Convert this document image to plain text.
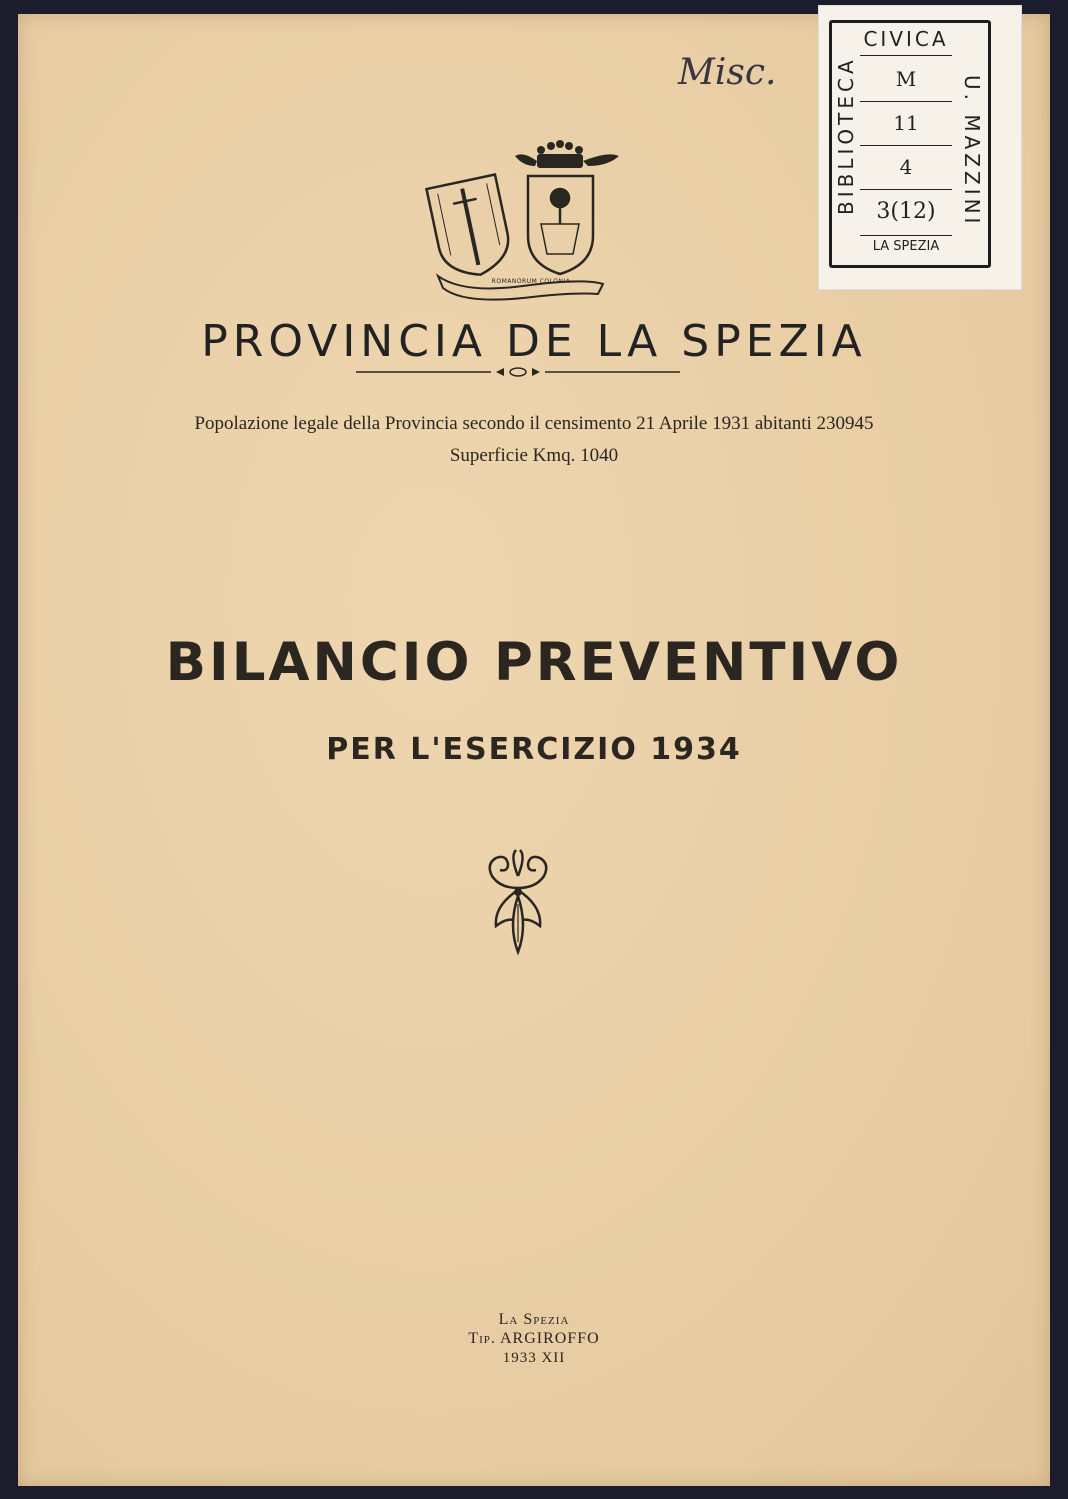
ROMANORUM COLONIA
PROVINCIA DE LA SPEZIA
Popolazione legale della Provincia secondo il censimento 21 Aprile 1931 abitanti 230945
Superficie Kmq. 1040
BILANCIO PREVENTIVO
PER L'ESERCIZIO 1934
La Spezia
Tip. ARGIROFFO
1933 XII
Misc.
CIVICA
M
11
4
3(12)
LA SPEZIA
BIBLIOTECA	U. MAZZINI
